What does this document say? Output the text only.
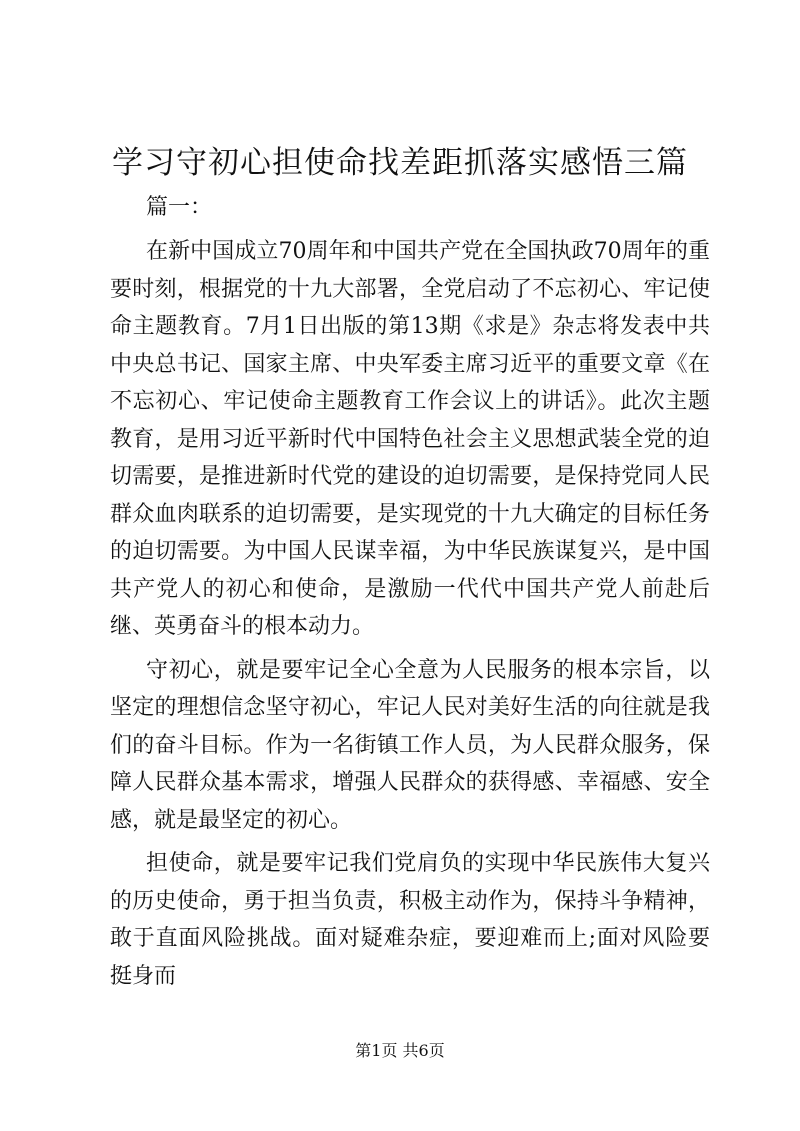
学习守初心担使命找差距抓落实感悟三篇

篇一：

在新中国成立70周年和中国共产党在全国执政70周年的重要时刻，根据党的十九大部署，全党启动了不忘初心、牢记使命主题教育。7月1日出版的第13期《求是》杂志将发表中共中央总书记、国家主席、中央军委主席习近平的重要文章《在不忘初心、牢记使命主题教育工作会议上的讲话》。此次主题教育，是用习近平新时代中国特色社会主义思想武装全党的迫切需要，是推进新时代党的建设的迫切需要，是保持党同人民群众血肉联系的迫切需要，是实现党的十九大确定的目标任务的迫切需要。为中国人民谋幸福，为中华民族谋复兴，是中国共产党人的初心和使命，是激励一代代中国共产党人前赴后继、英勇奋斗的根本动力。

守初心，就是要牢记全心全意为人民服务的根本宗旨，以坚定的理想信念坚守初心，牢记人民对美好生活的向往就是我们的奋斗目标。作为一名街镇工作人员，为人民群众服务，保障人民群众基本需求，增强人民群众的获得感、幸福感、安全感，就是最坚定的初心。

担使命，就是要牢记我们党肩负的实现中华民族伟大复兴的历史使命，勇于担当负责，积极主动作为，保持斗争精神，敢于直面风险挑战。面对疑难杂症，要迎难而上;面对风险要挺身而

第1页 共6页
